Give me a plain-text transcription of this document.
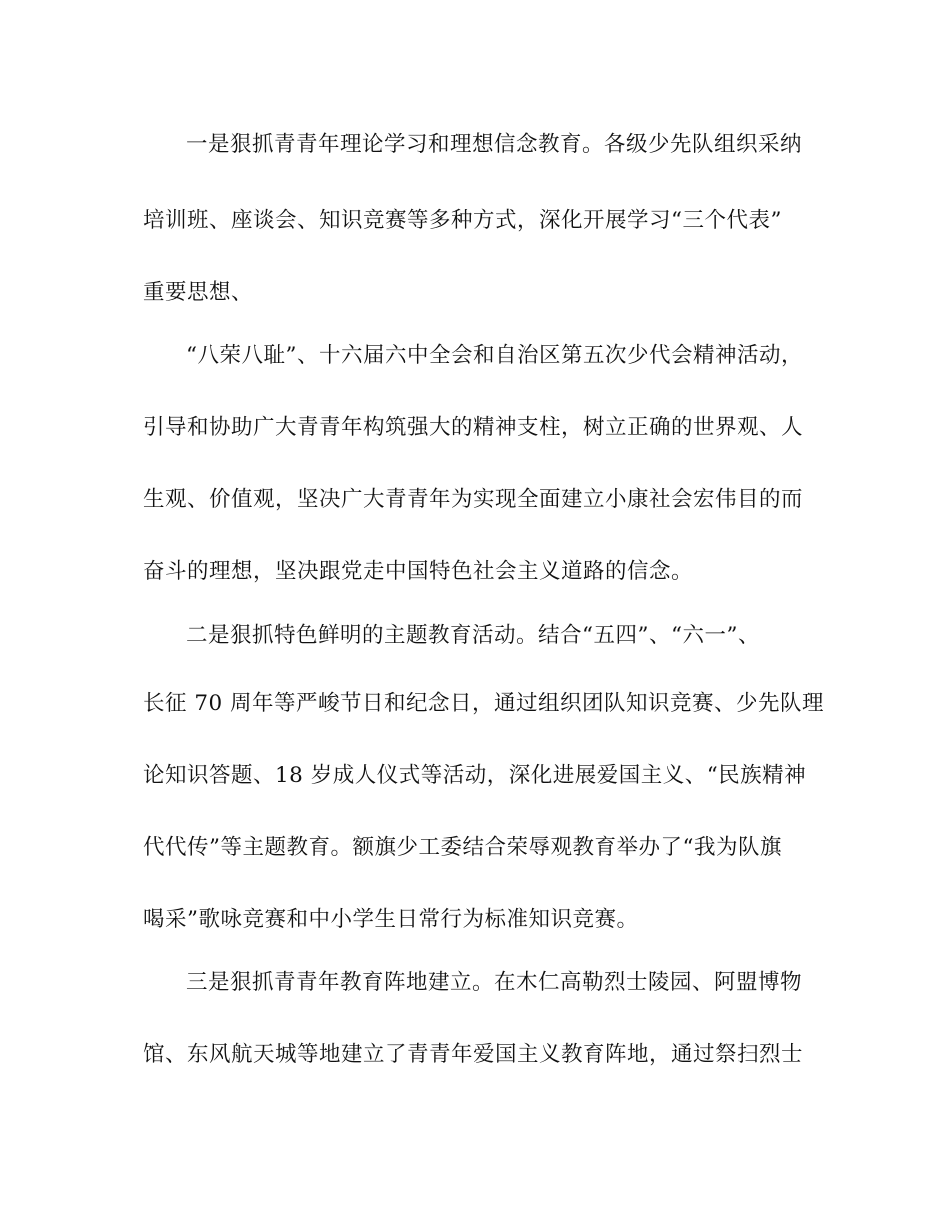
一是狠抓青青年理论学习和理想信念教育。各级少先队组织采纳
培训班、座谈会、知识竞赛等多种方式，深化开展学习“三个代表”
重要思想、
“八荣八耻”、十六届六中全会和自治区第五次少代会精神活动，
引导和协助广大青青年构筑强大的精神支柱，树立正确的世界观、人
生观、价值观，坚决广大青青年为实现全面建立小康社会宏伟目的而
奋斗的理想，坚决跟党走中国特色社会主义道路的信念。
二是狠抓特色鲜明的主题教育活动。结合“五四”、“六一”、
长征 70 周年等严峻节日和纪念日，通过组织团队知识竞赛、少先队理
论知识答题、18 岁成人仪式等活动，深化进展爱国主义、“民族精神
代代传”等主题教育。额旗少工委结合荣辱观教育举办了“我为队旗
喝采”歌咏竞赛和中小学生日常行为标准知识竞赛。
三是狠抓青青年教育阵地建立。在木仁高勒烈士陵园、阿盟博物
馆、东风航天城等地建立了青青年爱国主义教育阵地，通过祭扫烈士
